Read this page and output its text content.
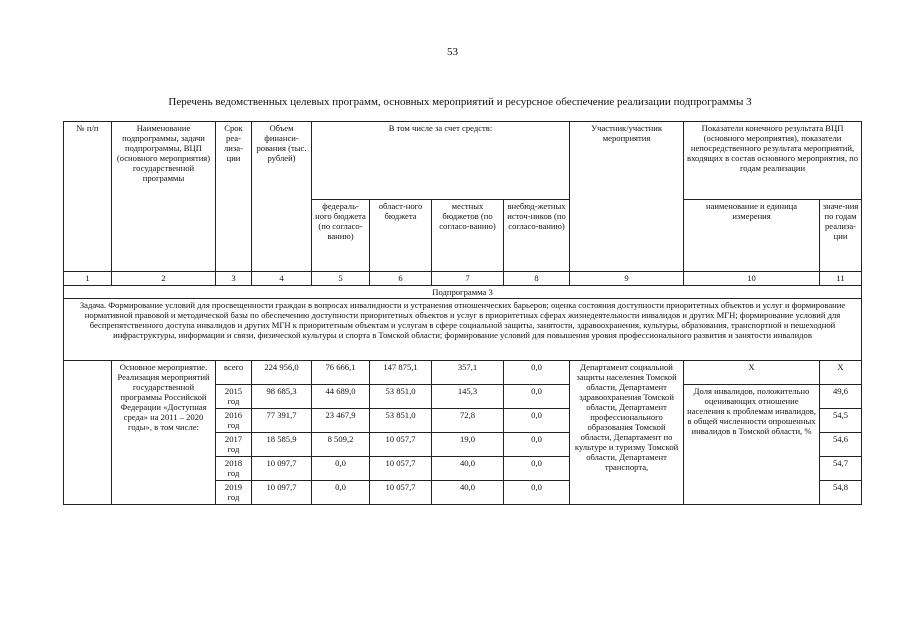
53
Перечень ведомственных целевых программ, основных мероприятий и ресурсное обеспечение реализации подпрограммы 3
№ п/п	Наименование подпрограммы, задачи подпрограммы, ВЦП (основного мероприятия) государственной программы	Срок реа-лиза-ции	Объем финанси-рования (тыс. рублей)	В том числе за счет средств:				Участник/участник мероприятия	Показатели конечного результата ВЦП (основного мероприятия), показатели непосредственного результата мероприятий, входящих в состав основного мероприятия, по годам реализации	
				федераль-ного бюджета (по согласо-ванию)	област-ного бюджета	местных бюджетов (по согласо-ванию)	внебюд-жетных источ-ников (по согласо-ванию)		наименование и единица измерения	значе-ния по годам реализа-ции
1	2	3	4	5	6	7	8	9	10	11
Подпрограмма 3										
Задача. Формирование условий для просвещенности граждан в вопросах инвалидности и устранения отношенческих барьеров; оценка состояния доступности приоритетных объектов и услуг и формирование нормативной правовой и методической базы по обеспечению доступности приоритетных объектов и услуг в приоритетных сферах жизнедеятельности инвалидов и других МГН; формирование условий для беспрепятственного доступа инвалидов и других МГН к приоритетным объектам и услугам в сфере социальной защиты, занятости, здравоохранения, культуры, образования, транспортной и пешеходной инфраструктуры, информации и связи, физической культуры и спорта в Томской области; формирование условий для повышения уровня профессионального развития и занятости инвалидов										
	Основное мероприятие. Реализация мероприятий государственной программы Российской Федерации «Доступная среда» на 2011 – 2020 годы», в том числе:	всего	224 956,0	76 666,1	147 875,1	357,1	0,0	Департамент социальной защиты населения Томской области, Департамент здравоохранения Томской области, Департамент профессионального образования Томской области, Департамент по культуре и туризму Томской области, Департамент транспорта,	Х	Х
		2015 год	98 685,3	44 689,0	53 851,0	145,3	0,0		Доля инвалидов, положительно оценивающих отношение населения к проблемам инвалидов, в общей численности опрошенных инвалидов в Томской области, %	49,6
		2016 год	77 391,7	23 467,9	53 851,0	72,8	0,0			54,5
		2017 год	18 585,9	8 509,2	10 057,7	19,0	0,0			54,6
		2018 год	10 097,7	0,0	10 057,7	40,0	0,0			54,7
		2019 год	10 097,7	0,0	10 057,7	40,0	0,0			54,8
